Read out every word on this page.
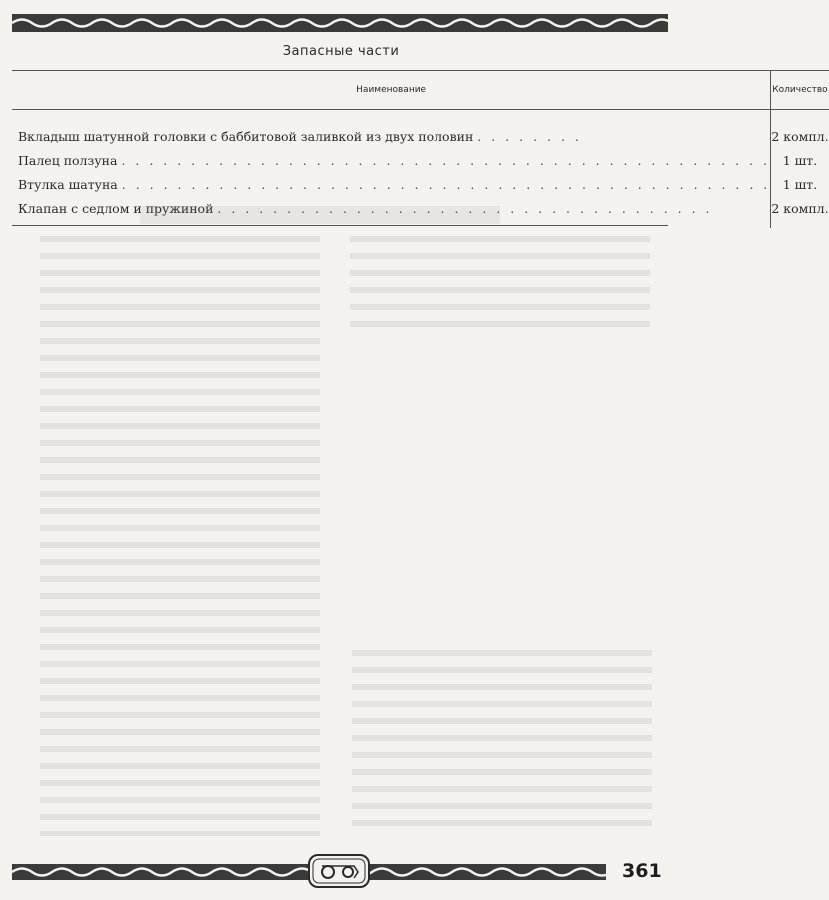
Запасные части
Наименование	Количество
Вкладыш шатунной головки с баббитовой заливкой из двух половин . . . . . . . .	2 компл.
Палец ползуна . . . . . . . . . . . . . . . . . . . . . . . . . . . . . . . . . . . . . . . . . . . . . . .	1 шт.
Втулка шатуна . . . . . . . . . . . . . . . . . . . . . . . . . . . . . . . . . . . . . . . . . . . . . . .	1 шт.
Клапан с седлом и пружиной . . . . . . . . . . . . . . . . . . . . . . . . . . . . . . . . . . . .	2 компл.
361
